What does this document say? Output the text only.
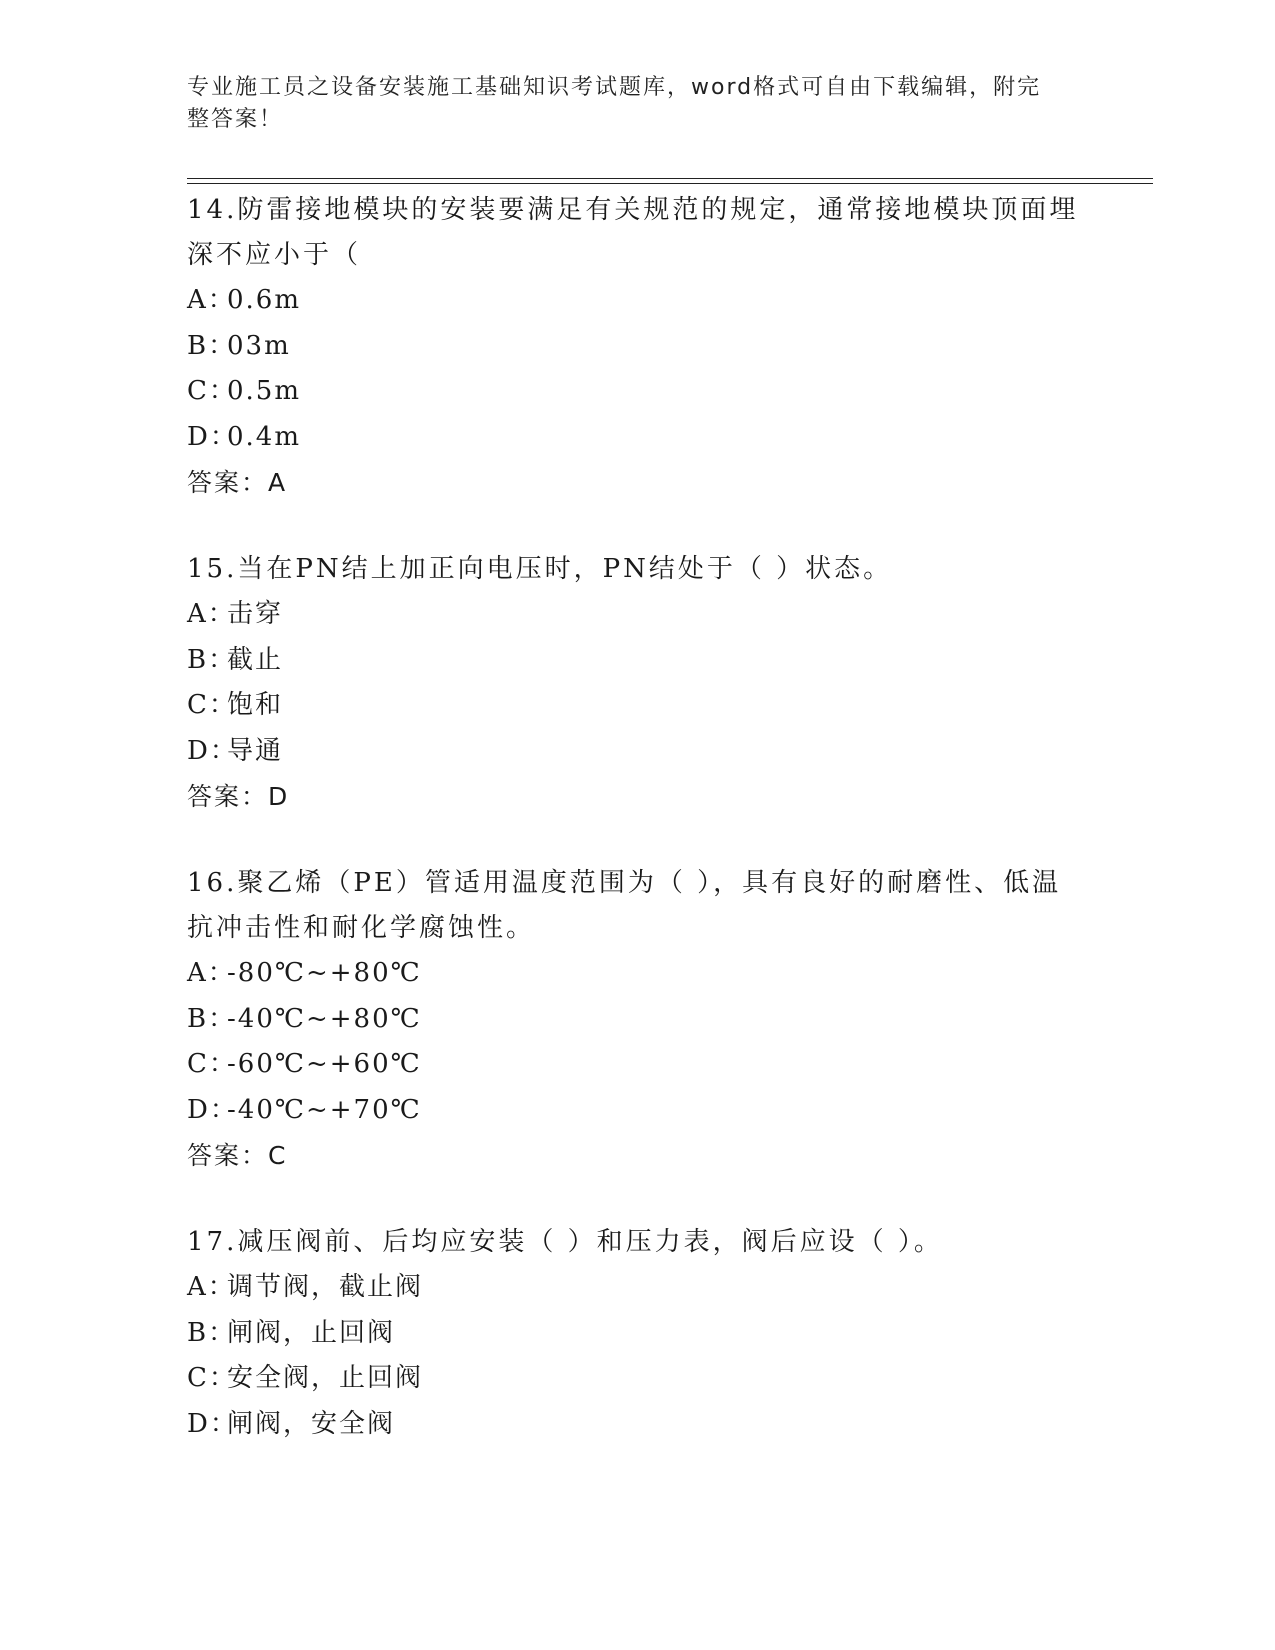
专业施工员之设备安装施工基础知识考试题库，word格式可自由下载编辑，附完
整答案！

14.防雷接地模块的安装要满足有关规范的规定，通常接地模块顶面埋

深不应小于（

A：0.6m

B：03m

C：0.5m

D：0.4m

答案：A

15.当在PN结上加正向电压时，PN结处于（ ）状态。

A：击穿

B：截止

C：饱和

D：导通

答案：D

16.聚乙烯（PE）管适用温度范围为（ ），具有良好的耐磨性、低温

抗冲击性和耐化学腐蚀性。

A：-80℃~+80℃

B：-40℃~+80℃

C：-60℃~+60℃

D：-40℃~+70℃

答案：C

17.减压阀前、后均应安装（ ）和压力表，阀后应设（ ）。

A：调节阀，截止阀

B：闸阀，止回阀

C：安全阀，止回阀

D：闸阀，安全阀
